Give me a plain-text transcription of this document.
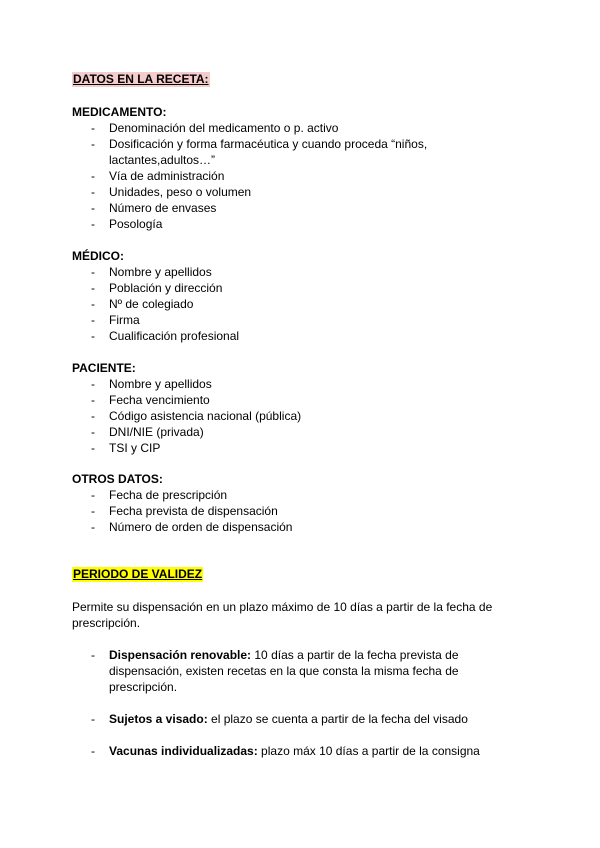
DATOS EN LA RECETA:
MEDICAMENTO:
- Denominación del medicamento o p. activo
- Dosificación y forma farmacéutica y cuando proceda “niños, lactantes,adultos…”
- Vía de administración
- Unidades, peso o volumen
- Número de envases
- Posología
MÉDICO:
- Nombre y apellidos
- Población y dirección
- Nº de colegiado
- Firma
- Cualificación profesional
PACIENTE:
- Nombre y apellidos
- Fecha vencimiento
- Código asistencia nacional (pública)
- DNI/NIE (privada)
- TSI y CIP
OTROS DATOS:
- Fecha de prescripción
- Fecha prevista de dispensación
- Número de orden de dispensación
PERIODO DE VALIDEZ
Permite su dispensación en un plazo máximo de 10 días a partir de la fecha de prescripción.
- Dispensación renovable: 10 días a partir de la fecha prevista de dispensación, existen recetas en la que consta la misma fecha de prescripción.
- Sujetos a visado: el plazo se cuenta a partir de la fecha del visado
- Vacunas individualizadas: plazo máx 10 días a partir de la consigna
